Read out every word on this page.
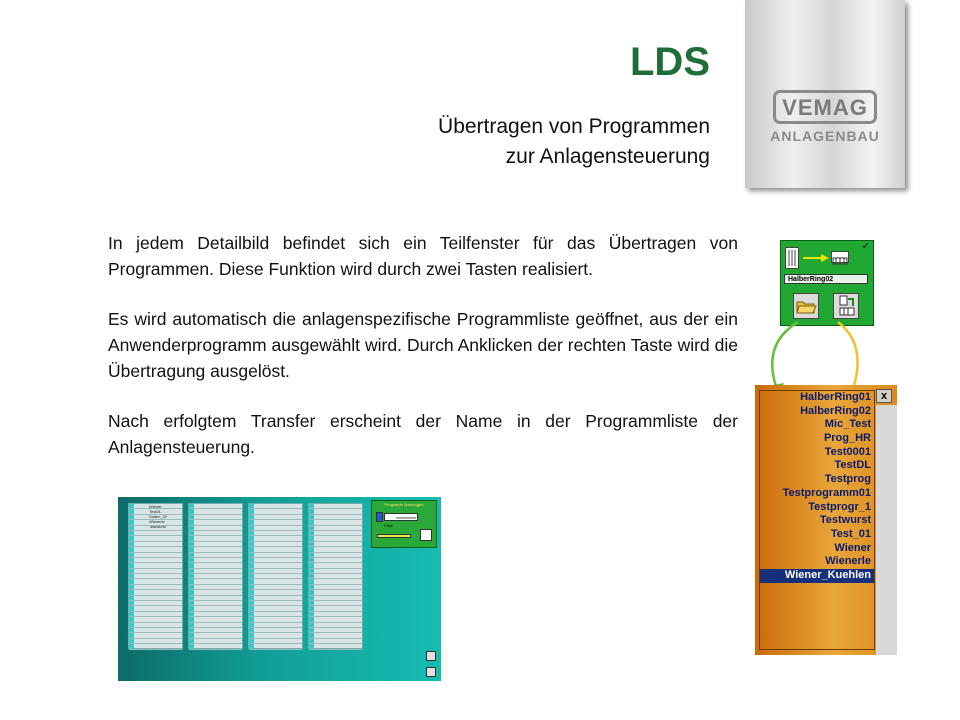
LDS
Übertragen von Programmen
zur Anlagensteuerung
VEMAG
ANLAGENBAU

In jedem Detailbild befindet sich ein Teilfenster für das Übertragen von Programmen. Diese Funktion wird durch zwei Tasten realisiert.

Es wird automatisch die anlagenspezifische Programmliste geöffnet, aus der ein Anwenderprogramm ausgewählt wird. Durch Anklicken der rechten Taste wird die Übertragung ausgelöst.

Nach erfolgtem Transfer erscheint der Name in der Programmliste der Anlagensteuerung.

✓
HalberRing02
HalberRing01
HalberRing02
Mic_Test
Prog_HR
Test0001
TestDL
Testprog
Testprogramm01
Testprogr_1
Testwurst
Test_01
Wiener
Wienerle
Wiener_Kuehlen
x
Wiener
TestDL
Saiten_02
Wienerle
Testwurst
Programm übertragen
xxxxxxxxxx
Click
